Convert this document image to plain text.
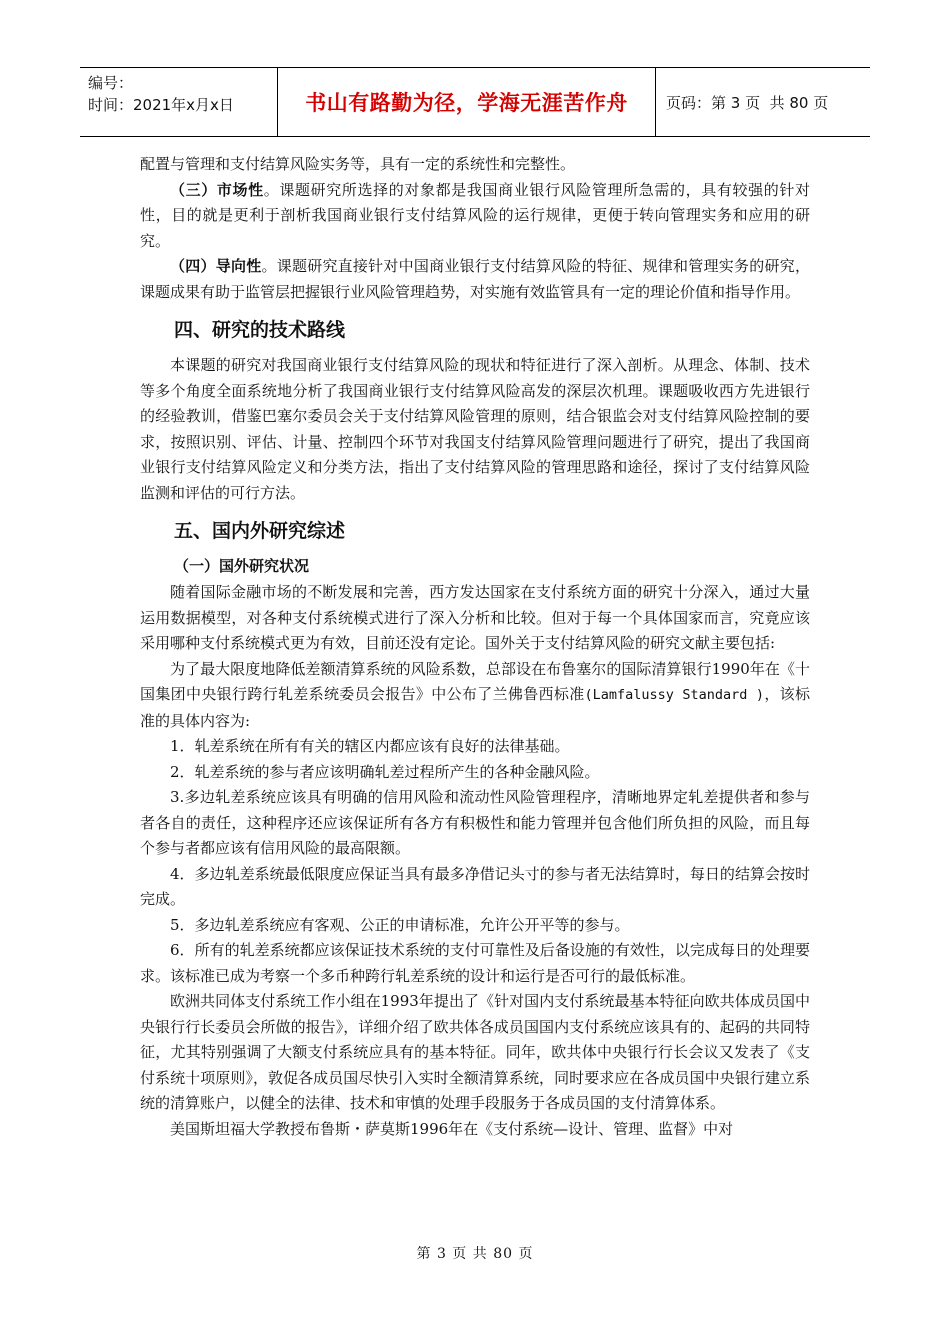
编号：
时间：2021年x月x日	书山有路勤为径，学海无涯苦作舟	页码：第 3 页  共 80 页

配置与管理和支付结算风险实务等，具有一定的系统性和完整性。

（三）市场性。课题研究所选择的对象都是我国商业银行风险管理所急需的，具有较强的针对性，目的就是更利于剖析我国商业银行支付结算风险的运行规律，更便于转向管理实务和应用的研究。

（四）导向性。课题研究直接针对中国商业银行支付结算风险的特征、规律和管理实务的研究，课题成果有助于监管层把握银行业风险管理趋势，对实施有效监管具有一定的理论价值和指导作用。

四、研究的技术路线

本课题的研究对我国商业银行支付结算风险的现状和特征进行了深入剖析。从理念、体制、技术等多个角度全面系统地分析了我国商业银行支付结算风险高发的深层次机理。课题吸收西方先进银行的经验教训，借鉴巴塞尔委员会关于支付结算风险管理的原则，结合银监会对支付结算风险控制的要求，按照识别、评估、计量、控制四个环节对我国支付结算风险管理问题进行了研究，提出了我国商业银行支付结算风险定义和分类方法，指出了支付结算风险的管理思路和途径，探讨了支付结算风险监测和评估的可行方法。

五、国内外研究综述
（一）国外研究状况

随着国际金融市场的不断发展和完善，西方发达国家在支付系统方面的研究十分深入，通过大量运用数据模型，对各种支付系统模式进行了深入分析和比较。但对于每一个具体国家而言，究竟应该采用哪种支付系统模式更为有效，目前还没有定论。国外关于支付结算风险的研究文献主要包括:

为了最大限度地降低差额清算系统的风险系数，总部设在布鲁塞尔的国际清算银行1990年在《十国集团中央银行跨行轧差系统委员会报告》中公布了兰佛鲁西标准(Lamfalussy Standard )，该标准的具体内容为:

1．轧差系统在所有有关的辖区内都应该有良好的法律基础。

2．轧差系统的参与者应该明确轧差过程所产生的各种金融风险。

3.多边轧差系统应该具有明确的信用风险和流动性风险管理程序，清晰地界定轧差提供者和参与者各自的责任，这种程序还应该保证所有各方有积极性和能力管理并包含他们所负担的风险，而且每个参与者都应该有信用风险的最高限额。

4．多边轧差系统最低限度应保证当具有最多净借记头寸的参与者无法结算时，每日的结算会按时完成。

5．多边轧差系统应有客观、公正的申请标准，允许公开平等的参与。

6．所有的轧差系统都应该保证技术系统的支付可靠性及后备设施的有效性，以完成每日的处理要求。该标准已成为考察一个多币种跨行轧差系统的设计和运行是否可行的最低标准。

欧洲共同体支付系统工作小组在1993年提出了《针对国内支付系统最基本特征向欧共体成员国中央银行行长委员会所做的报告》，详细介绍了欧共体各成员国国内支付系统应该具有的、起码的共同特征，尤其特别强调了大额支付系统应具有的基本特征。同年，欧共体中央银行行长会议又发表了《支付系统十项原则》，敦促各成员国尽快引入实时全额清算系统，同时要求应在各成员国中央银行建立系统的清算账户，以健全的法律、技术和审慎的处理手段服务于各成员国的支付清算体系。

美国斯坦福大学教授布鲁斯・萨莫斯1996年在《支付系统—设计、管理、监督》中对

第 3 页 共 80 页
